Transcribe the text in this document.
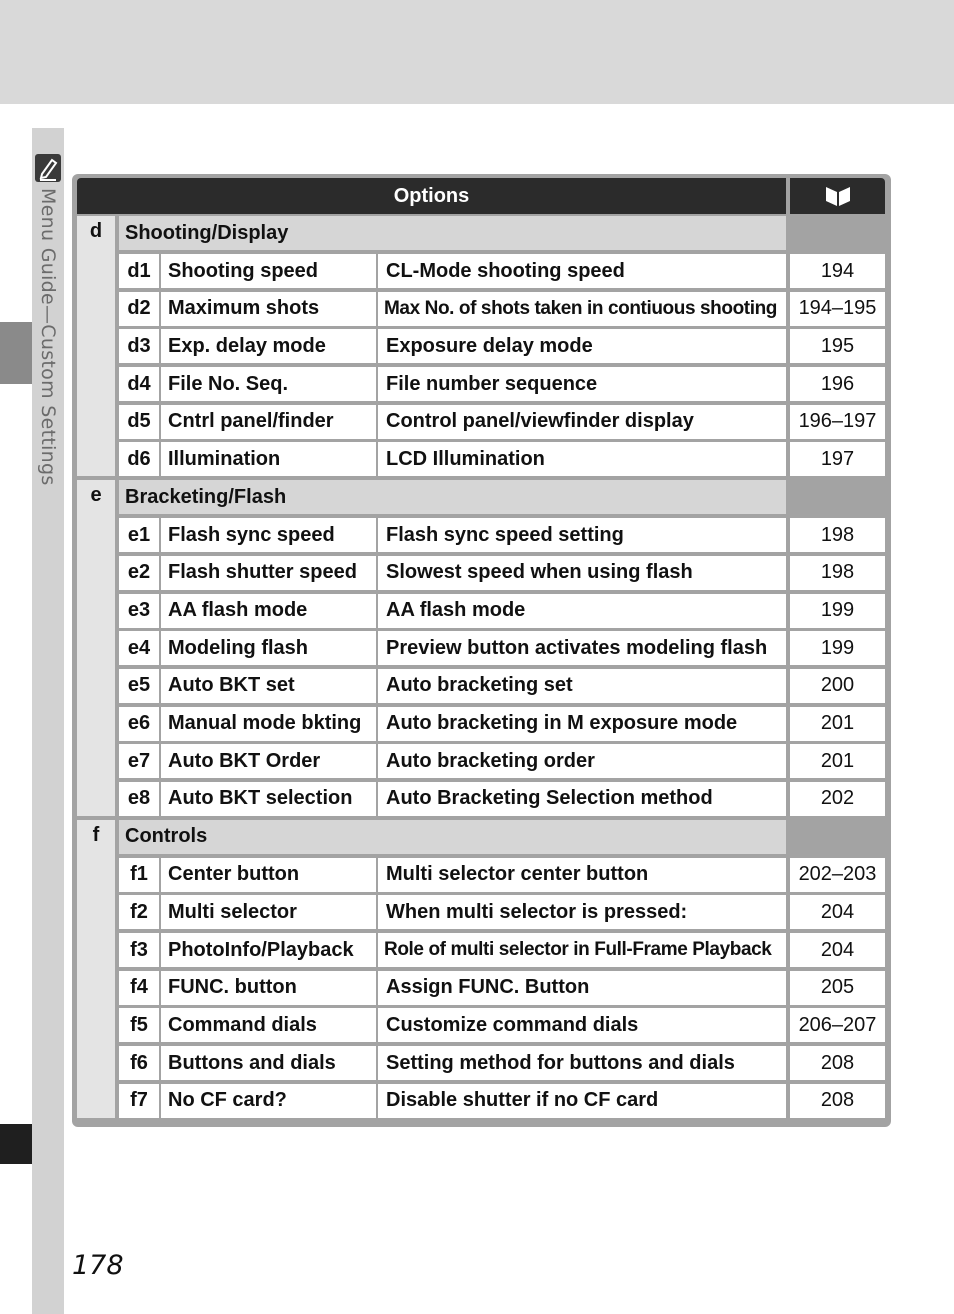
Menu Guide—Custom Settings	Options
d	Shooting/Display
d1 Shooting speed	CL-Mode shooting speed	194
d2 Maximum shots	Max No. of shots taken in contiuous shooting	194–195
d3 Exp. delay mode	Exposure delay mode	195
d4 File No. Seq.	File number sequence	196
d5 Cntrl panel/finder	Control panel/viewfinder display	196–197
d6 Illumination	LCD Illumination	197
e	Bracketing/Flash
e1 Flash sync speed	Flash sync speed setting	198
e2 Flash shutter speed	Slowest speed when using flash	198
e3 AA flash mode	AA flash mode	199
e4 Modeling flash	Preview button activates modeling flash	199
e5 Auto BKT set	Auto bracketing set	200
e6 Manual mode bkting	Auto bracketing in M exposure mode	201
e7 Auto BKT Order	Auto bracketing order	201
e8 Auto BKT selection	Auto Bracketing Selection method	202
f	Controls
f1	Center button	Multi selector center button	202–203
f2	Multi selector	When multi selector is pressed:	204
f3	PhotoInfo/Playback	Role of multi selector in Full-Frame Playback	204
f4	FUNC. button	Assign FUNC. Button	205
f5	Command dials	Customize command dials	206–207
f6	Buttons and dials	Setting method for buttons and dials	208
f7	No CF card?	Disable shutter if no CF card	208
178
